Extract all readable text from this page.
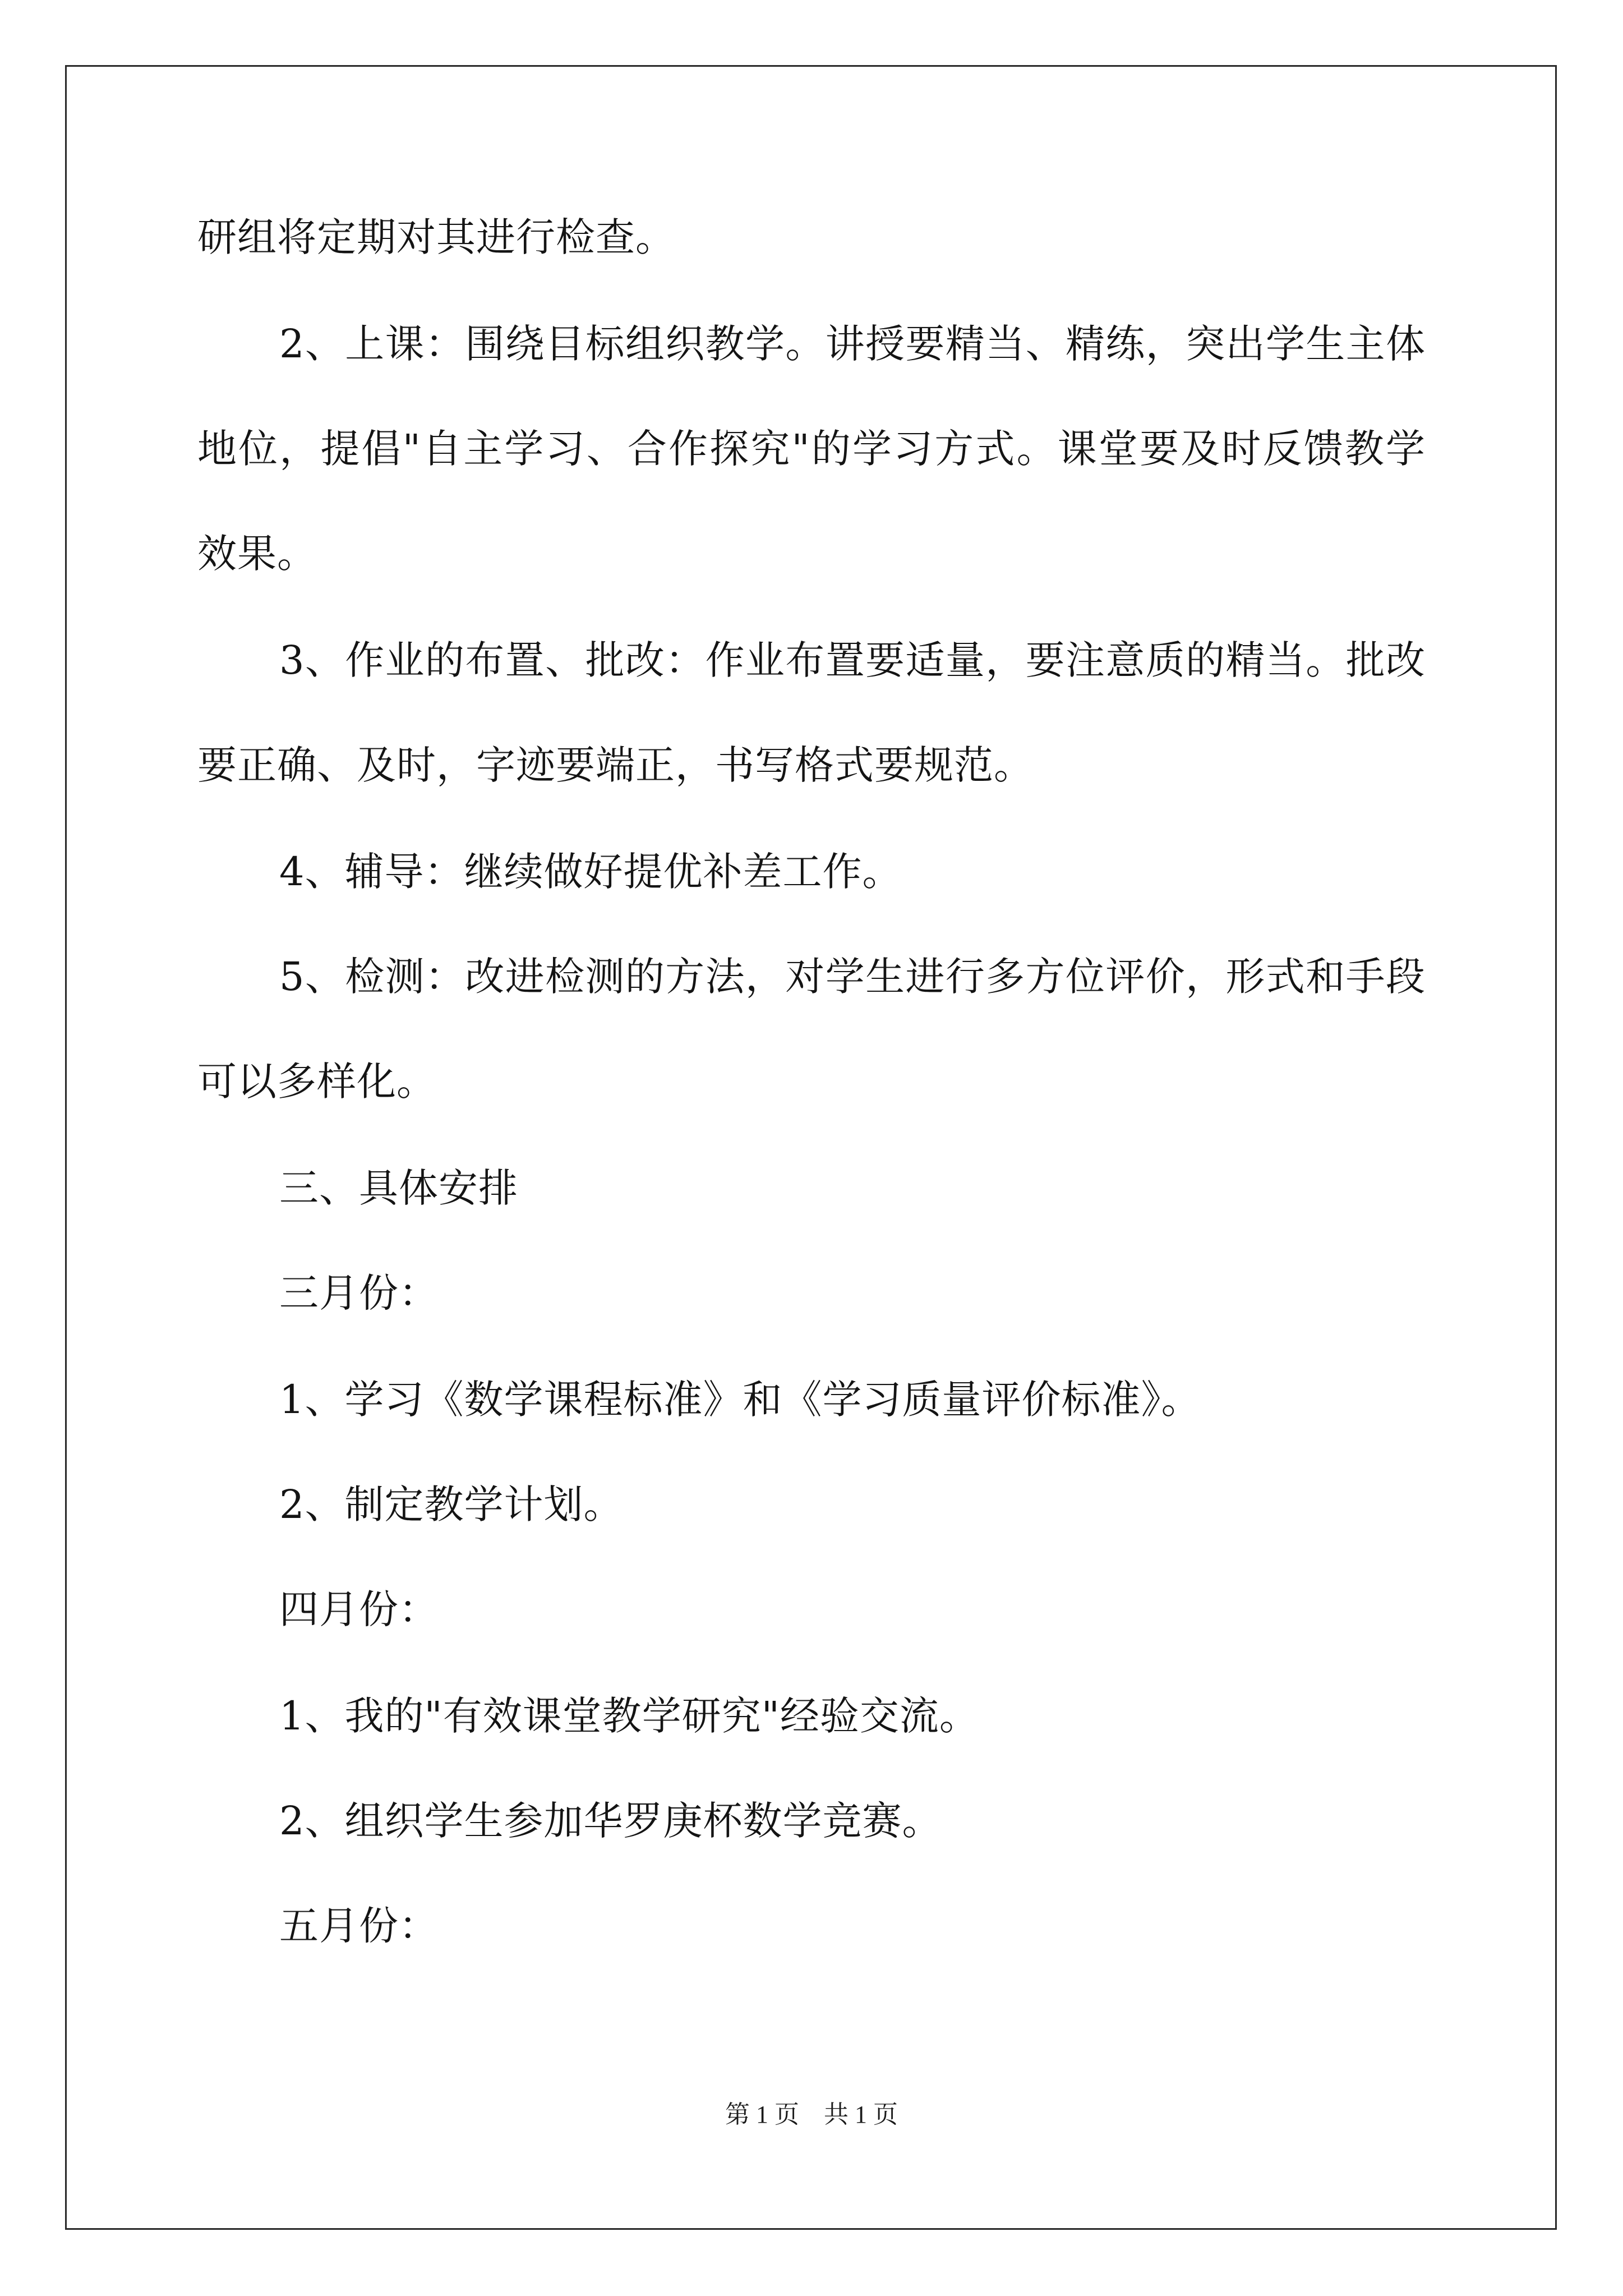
研组将定期对其进行检查。
2、上课：围绕目标组织教学。讲授要精当、精练，突出学生主体
地位，提倡"自主学习、合作探究"的学习方式。课堂要及时反馈教学
效果。
3、作业的布置、批改：作业布置要适量，要注意质的精当。批改
要正确、及时，字迹要端正，书写格式要规范。
4、辅导：继续做好提优补差工作。
5、检测：改进检测的方法，对学生进行多方位评价，形式和手段
可以多样化。
三、具体安排
三月份：
1、学习《数学课程标准》和《学习质量评价标准》。
2、制定教学计划。
四月份：
1、我的"有效课堂教学研究"经验交流。
2、组织学生参加华罗庚杯数学竞赛。
五月份：
第 1 页    共 1 页
